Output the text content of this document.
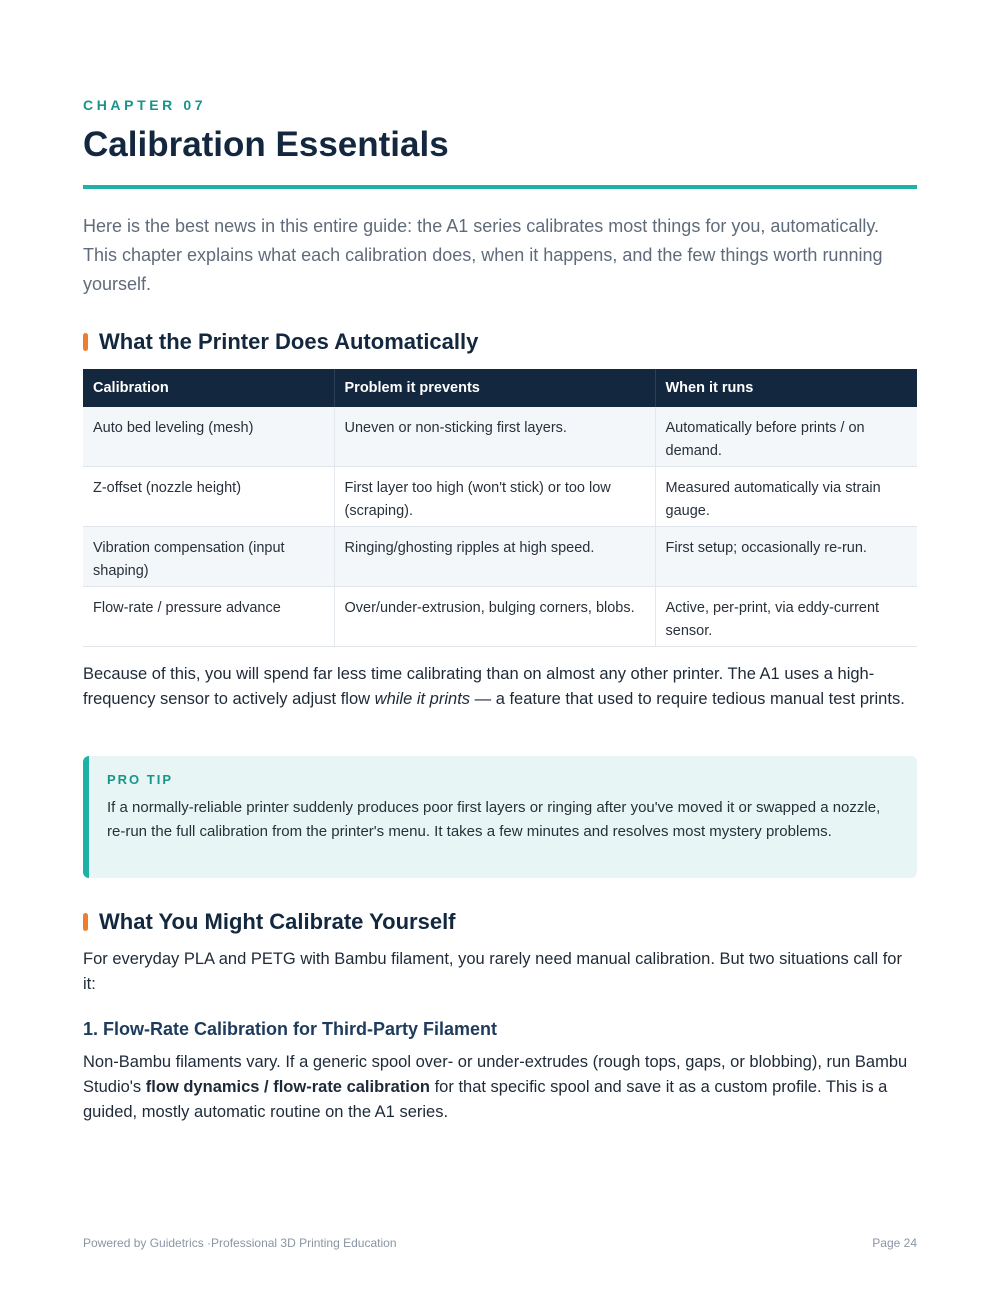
CHAPTER 07
Calibration Essentials

Here is the best news in this entire guide: the A1 series calibrates most things for you, automatically. This chapter explains what each calibration does, when it happens, and the few things worth running yourself.

What the Printer Does Automatically
Calibration	Problem it prevents	When it runs
Auto bed leveling (mesh)	Uneven or non-sticking first layers.	Automatically before prints / on demand.
Z-offset (nozzle height)	First layer too high (won't stick) or too low (scraping).	Measured automatically via strain gauge.
Vibration compensation (input shaping)	Ringing/ghosting ripples at high speed.	First setup; occasionally re-run.
Flow-rate / pressure advance	Over/under-extrusion, bulging corners, blobs.	Active, per-print, via eddy-current sensor.

Because of this, you will spend far less time calibrating than on almost any other printer. The A1 uses a high-frequency sensor to actively adjust flow while it prints — a feature that used to require tedious manual test prints.

PRO TIP

If a normally-reliable printer suddenly produces poor first layers or ringing after you've moved it or swapped a nozzle, re-run the full calibration from the printer's menu. It takes a few minutes and resolves most mystery problems.

What You Might Calibrate Yourself

For everyday PLA and PETG with Bambu filament, you rarely need manual calibration. But two situations call for it:

1. Flow-Rate Calibration for Third-Party Filament

Non-Bambu filaments vary. If a generic spool over- or under-extrudes (rough tops, gaps, or blobbing), run Bambu Studio's flow dynamics / flow-rate calibration for that specific spool and save it as a custom profile. This is a guided, mostly automatic routine on the A1 series.

Powered by Guidetrics ·Professional 3D Printing Education	Page 24
